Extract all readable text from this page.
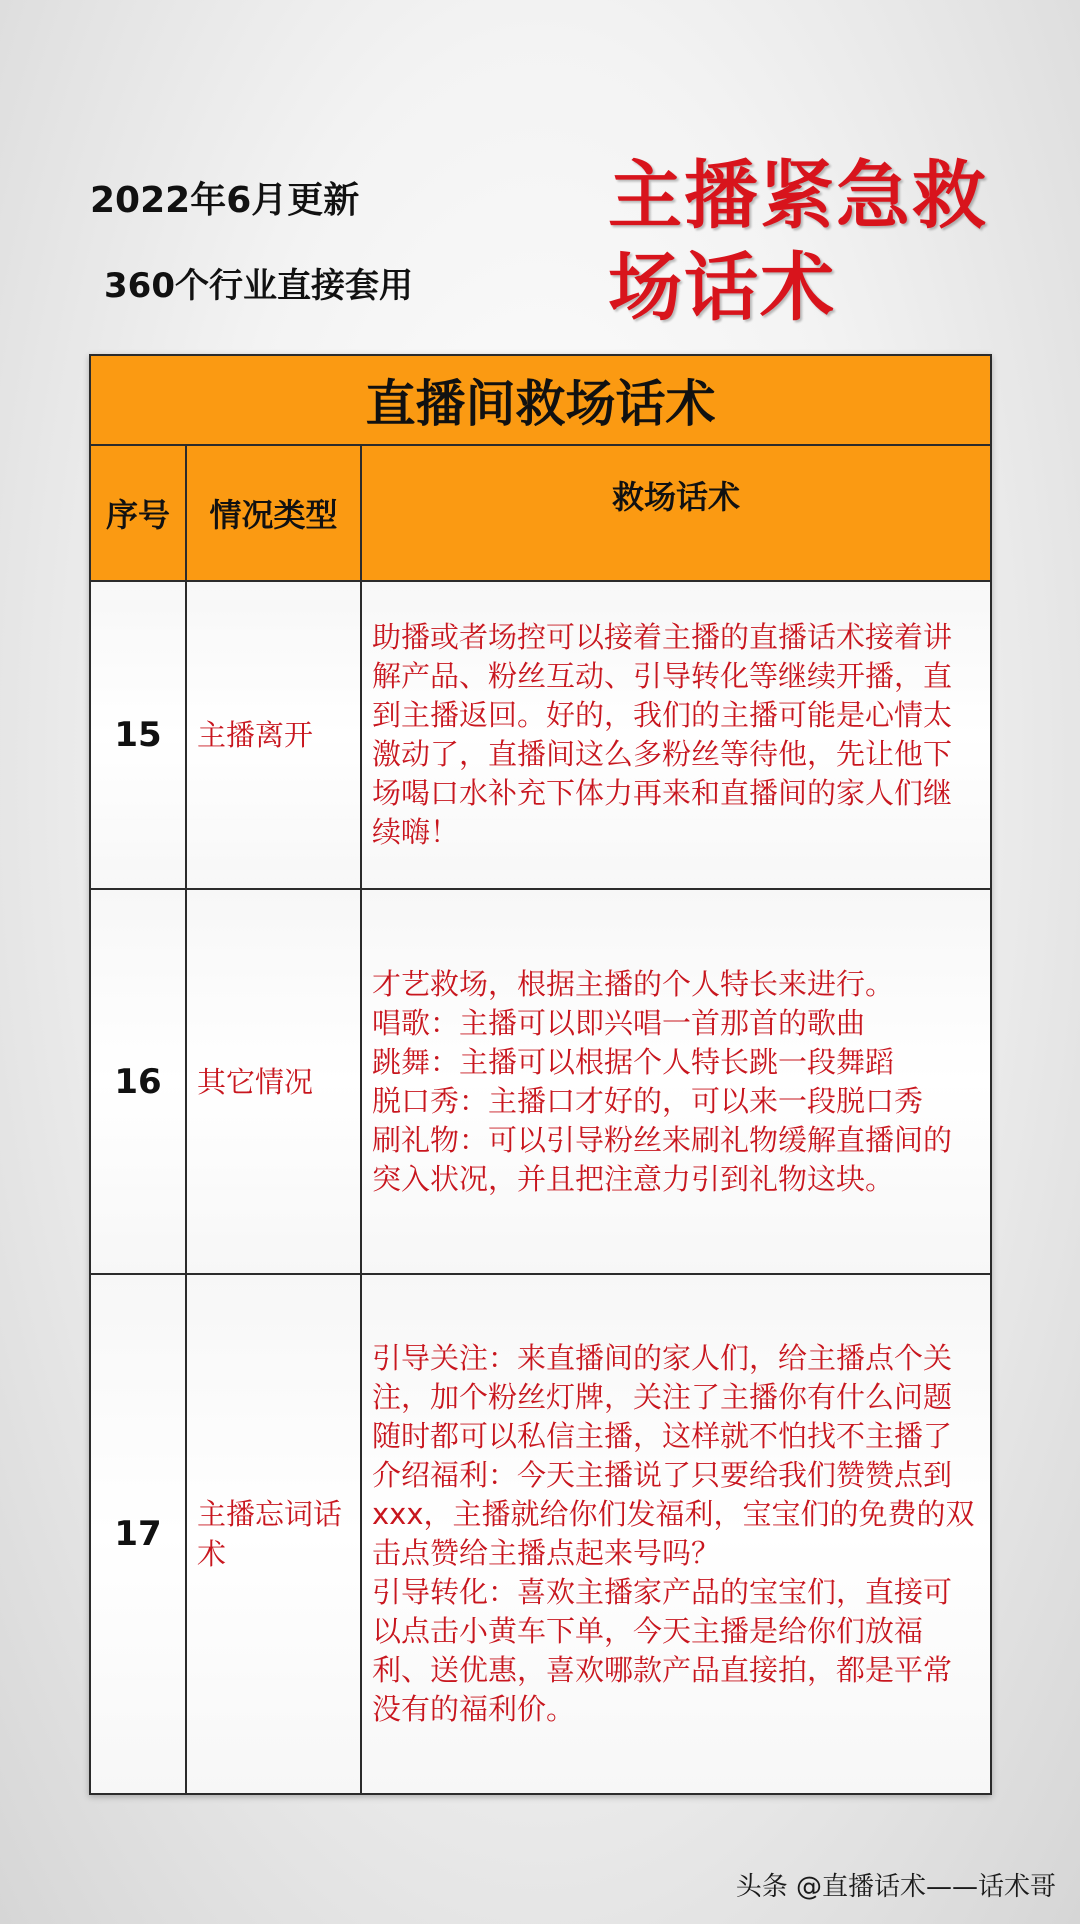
2022年6月更新
360个行业直接套用
主播紧急救
场话术
直播间救场话术		
序号	情况类型	救场话术
15	主播离开	助播或者场控可以接着主播的直播话术接着讲解产品、粉丝互动、引导转化等继续开播，直到主播返回。好的，我们的主播可能是心情太激动了，直播间这么多粉丝等待他，先让他下场喝口水补充下体力再来和直播间的家人们继续嗨！

16	其它情况	才艺救场，根据主播的个人特长来进行。
唱歌：主播可以即兴唱一首那首的歌曲
跳舞：主播可以根据个人特长跳一段舞蹈
脱口秀：主播口才好的，可以来一段脱口秀
刷礼物：可以引导粉丝来刷礼物缓解直播间的突入状况，并且把注意力引到礼物这块。

17	主播忘词话术	引导关注：来直播间的家人们，给主播点个关注，加个粉丝灯牌，关注了主播你有什么问题随时都可以私信主播，这样就不怕找不主播了
介绍福利：今天主播说了只要给我们赞赞点到xxx，主播就给你们发福利，宝宝们的免费的双击点赞给主播点起来号吗？
引导转化：喜欢主播家产品的宝宝们，直接可以点击小黄车下单，今天主播是给你们放福利、送优惠，喜欢哪款产品直接拍，都是平常没有的福利价。
头条 @直播话术——话术哥
